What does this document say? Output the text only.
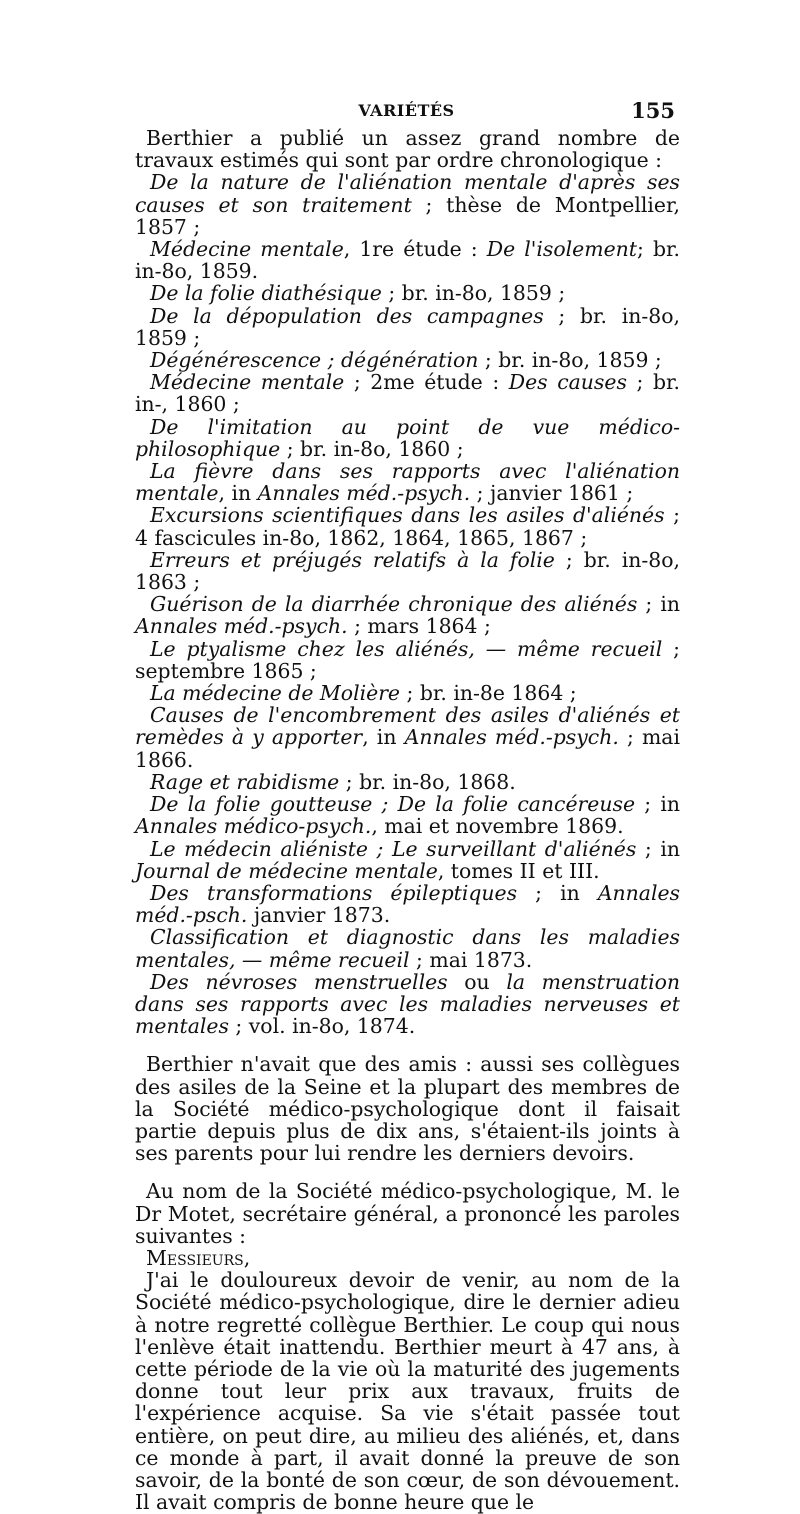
VARIÉTÉS	155

Berthier a publié un assez grand nombre de travaux estimés qui sont par ordre chronologique :

De la nature de l'aliénation mentale d'après ses causes et son traitement ; thèse de Montpellier, 1857 ;

Médecine mentale, 1re étude : De l'isolement; br. in-8o, 1859.

De la folie diathésique ; br. in-8o, 1859 ;

De la dépopulation des campagnes ; br. in-8o, 1859 ;

Dégénérescence ; dégénération ; br. in-8o, 1859 ;

Médecine mentale ; 2me étude : Des causes ; br. in-, 1860 ;

De l'imitation au point de vue médico-philosophique ; br. in-8o, 1860 ;

La fièvre dans ses rapports avec l'aliénation mentale, in Annales méd.-psych. ; janvier 1861 ;

Excursions scientifiques dans les asiles d'aliénés ; 4 fascicules in-8o, 1862, 1864, 1865, 1867 ;

Erreurs et préjugés relatifs à la folie ; br. in-8o, 1863 ;

Guérison de la diarrhée chronique des aliénés ; in Annales méd.-psych. ; mars 1864 ;

Le ptyalisme chez les aliénés, — même recueil ; septembre 1865 ;

La médecine de Molière ; br. in-8e 1864 ;

Causes de l'encombrement des asiles d'aliénés et remèdes à y apporter, in Annales méd.-psych. ; mai 1866.

Rage et rabidisme ; br. in-8o, 1868.

De la folie goutteuse ; De la folie cancéreuse ; in Annales médico-psych., mai et novembre 1869.

Le médecin aliéniste ; Le surveillant d'aliénés ; in Journal de médecine mentale, tomes II et III.

Des transformations épileptiques ; in Annales méd.-psch. janvier 1873.

Classification et diagnostic dans les maladies mentales, — même recueil ; mai 1873.

Des névroses menstruelles ou la menstruation dans ses rapports avec les maladies nerveuses et mentales ; vol. in-8o, 1874.

Berthier n'avait que des amis : aussi ses collègues des asiles de la Seine et la plupart des membres de la Société médico-psychologique dont il faisait partie depuis plus de dix ans, s'étaient-ils joints à ses parents pour lui rendre les derniers devoirs.

Au nom de la Société médico-psychologique, M. le Dr Motet, secrétaire général, a prononcé les paroles suivantes :

Messieurs,

J'ai le douloureux devoir de venir, au nom de la Société médico-psychologique, dire le dernier adieu à notre regretté collègue Berthier. Le coup qui nous l'enlève était inattendu. Berthier meurt à 47 ans, à cette période de la vie où la maturité des jugements donne tout leur prix aux travaux, fruits de l'expérience acquise. Sa vie s'était passée tout entière, on peut dire, au milieu des aliénés, et, dans ce monde à part, il avait donné la preuve de son savoir, de la bonté de son cœur, de son dévouement. Il avait compris de bonne heure que le
